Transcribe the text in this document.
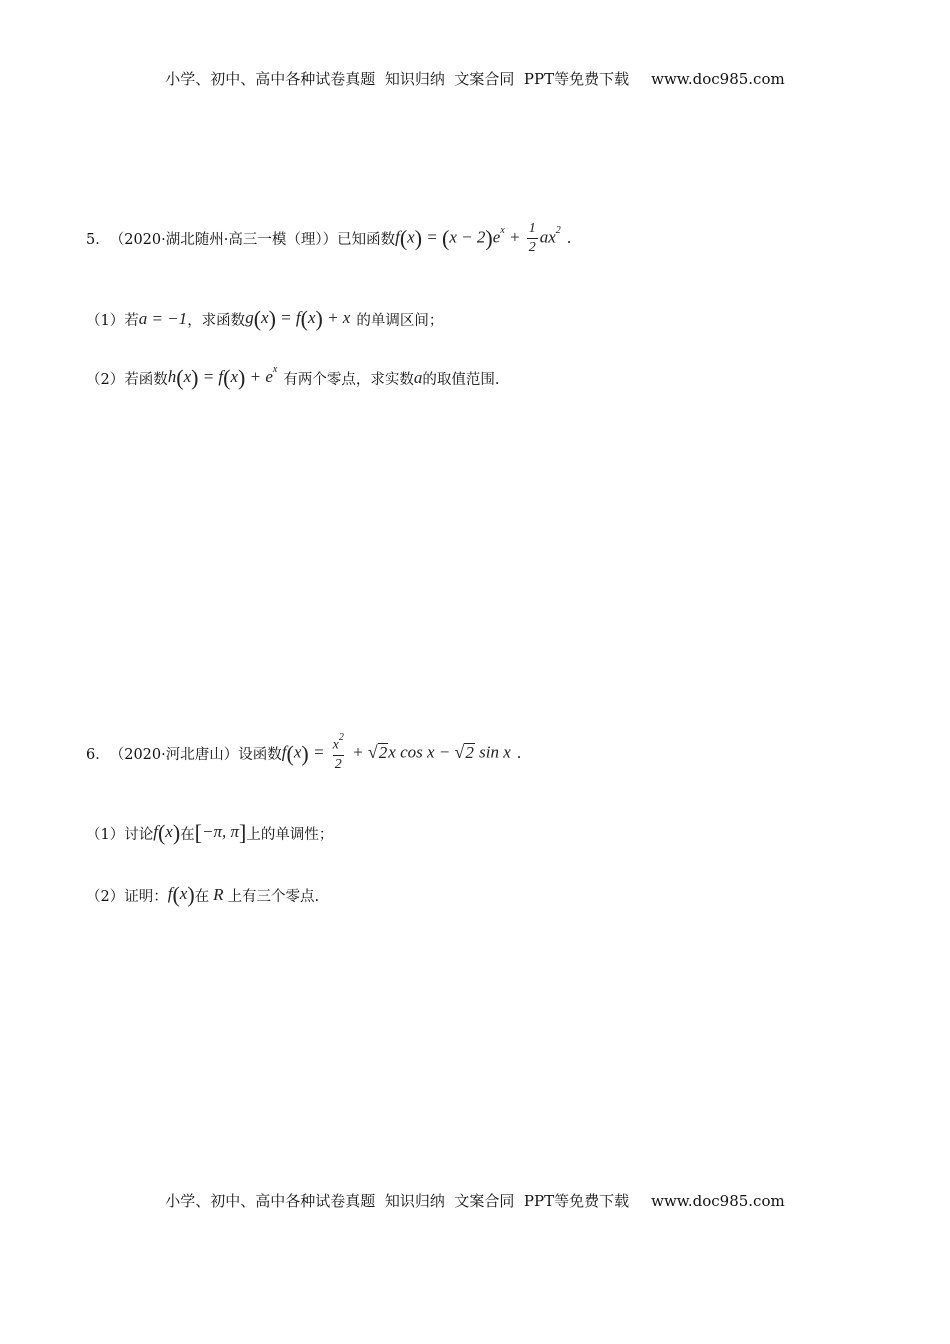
小学、初中、高中各种试卷真题  知识归纳  文案合同  PPT等免费下载 www.doc985.com
5． （2020·湖北随州·高三一模（理）） 已知函数 $f(x) = (x - 2)e^x + \frac{1}{2} ax^2$
.
（1）若 a = −1 ，求函数 g(x) = f(x) + x 的单调区间；
（2）若函数 $h(x) = f(x) + e^x$
有两个零点，求实数 a 的取值范围.
6． （2020·河北唐山） 设函数 $f(x) = \frac{x^2}{2}$ + √ 2 x cos x − √ 2 sin x .
（1）讨论 f(x) 在 [−π, π] 上的单调性；
（2）证明： f(x) 在 R 上有三个零点.
小学、初中、高中各种试卷真题  知识归纳  文案合同  PPT等免费下载 www.doc985.com
